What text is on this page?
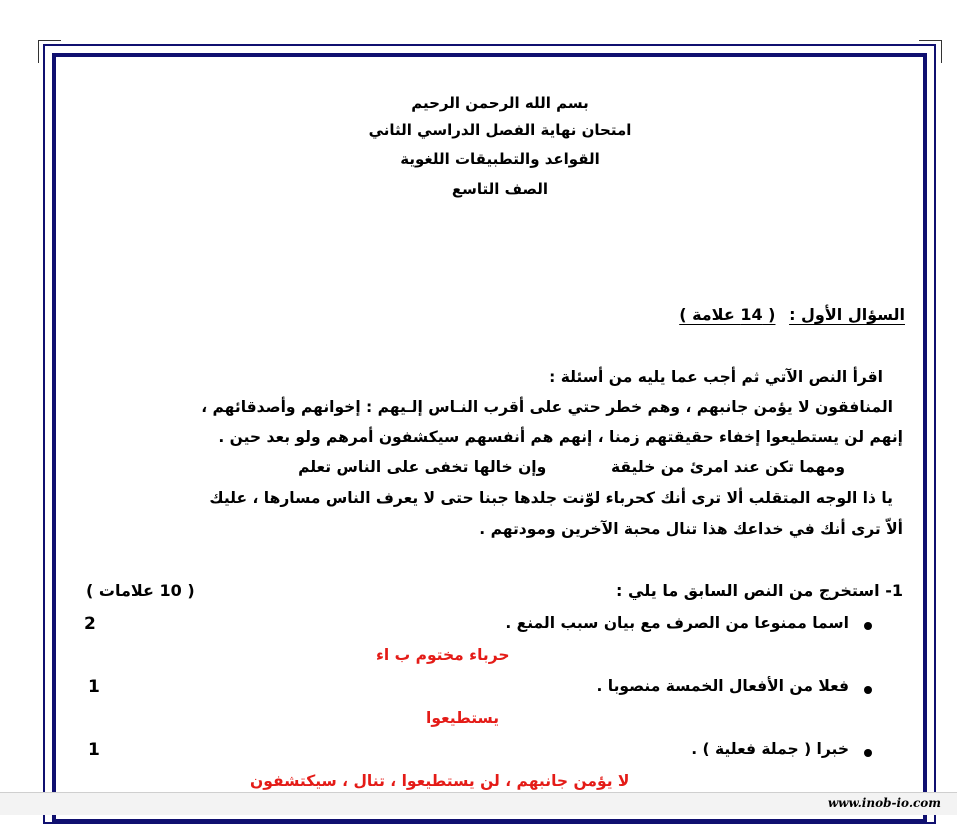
بسم الله الرحمن الرحيم
امتحان نهاية الفصل الدراسي الثاني
القواعد والتطبيقات اللغوية
الصف التاسع
السؤال الأول : ( 14 علامة )
اقرأ النص الآتي ثم أجب عما يليه من أسئلة :
المنافقون لا يؤمن جانبهم ، وهم خطر حتي على أقرب النـاس إلـيهم : إخوانهم وأصدقائهم ،
إنهم لن يستطيعوا إخفاء حقيقتهم زمنا ، إنهم هم أنفسهم سيكشفون أمرهم ولو بعد حين .
ومهما تكن عند امرئ من خليقة            وإن خالها تخفى على الناس تعلم
يا ذا الوجه المتقلب ألا ترى أنك كحرباء لوّنت جلدها جبنا حتى لا يعرف الناس مسارها ، عليك
ألاّ ترى أنك في خداعك هذا تنال محبة الآخرين ومودتهم .
1- استخرج من النص السابق ما يلي :
( 10 علامات )
اسما ممنوعا من الصرف مع بيان سبب المنع .
2
حرباء مختوم ب اء
فعلا من الأفعال الخمسة منصوبا .
1
يستطيعوا
خبرا ( جملة فعلية ) .
1
لا يؤمن جانبهم ، لن يستطيعوا ، تنال ، سيكتشفون
www.inob-io.com
